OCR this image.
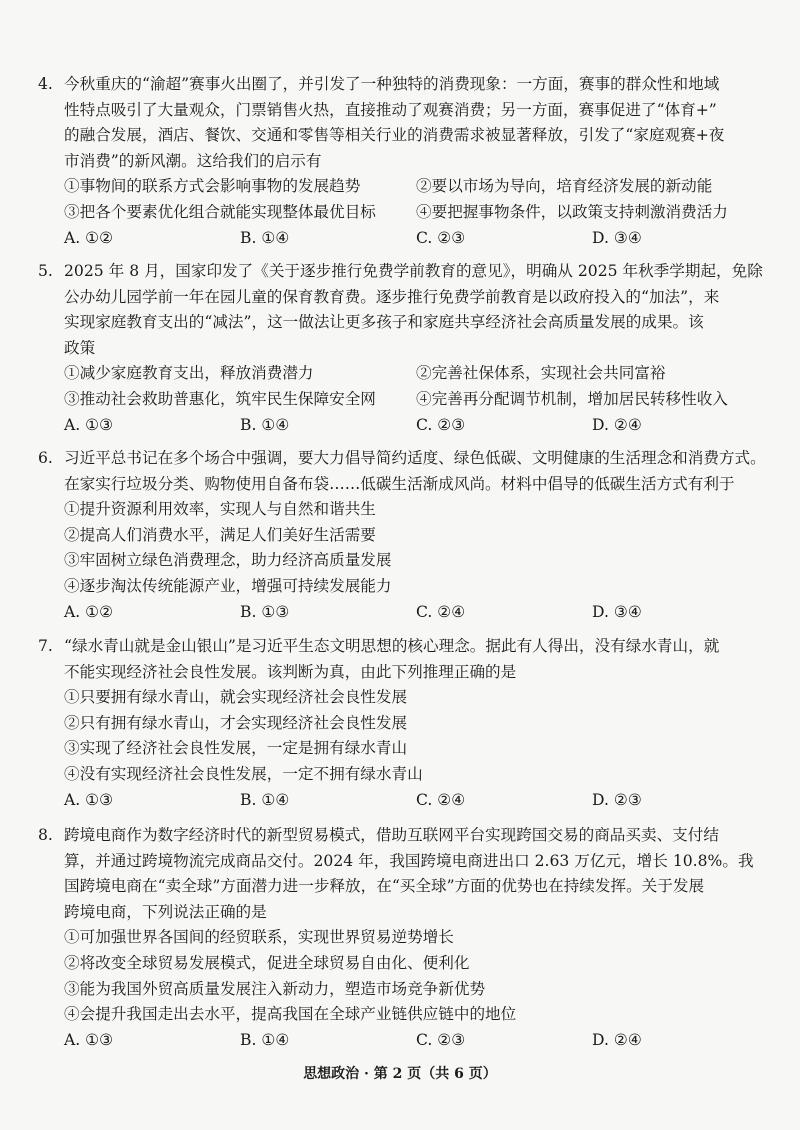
4. 今秋重庆的“渝超”赛事火出圈了，并引发了一种独特的消费现象：一方面，赛事的群众性和地域
性特点吸引了大量观众，门票销售火热，直接推动了观赛消费；另一方面，赛事促进了“体育+”
的融合发展，酒店、餐饮、交通和零售等相关行业的消费需求被显著释放，引发了“家庭观赛+夜
市消费”的新风潮。这给我们的启示有
①事物间的联系方式会影响事物的发展趋势	②要以市场为导向，培育经济发展的新动能
③把各个要素优化组合就能实现整体最优目标	④要把握事物条件，以政策支持刺激消费活力
A. ①②	B. ①④	C. ②③	D. ③④
5. 2025 年 8 月，国家印发了《关于逐步推行免费学前教育的意见》，明确从 2025 年秋季学期起，免除
公办幼儿园学前一年在园儿童的保育教育费。逐步推行免费学前教育是以政府投入的“加法”，来
实现家庭教育支出的“减法”，这一做法让更多孩子和家庭共享经济社会高质量发展的成果。该
政策
①减少家庭教育支出，释放消费潜力	②完善社保体系，实现社会共同富裕
③推动社会救助普惠化，筑牢民生保障安全网	④完善再分配调节机制，增加居民转移性收入
A. ①③	B. ①④	C. ②③	D. ②④
6. 习近平总书记在多个场合中强调，要大力倡导简约适度、绿色低碳、文明健康的生活理念和消费方式。
在家实行垃圾分类、购物使用自备布袋……低碳生活渐成风尚。材料中倡导的低碳生活方式有利于
①提升资源利用效率，实现人与自然和谐共生
②提高人们消费水平，满足人们美好生活需要
③牢固树立绿色消费理念，助力经济高质量发展
④逐步淘汰传统能源产业，增强可持续发展能力
A. ①②	B. ①③	C. ②④	D. ③④
7. “绿水青山就是金山银山”是习近平生态文明思想的核心理念。据此有人得出，没有绿水青山，就
不能实现经济社会良性发展。该判断为真，由此下列推理正确的是
①只要拥有绿水青山，就会实现经济社会良性发展
②只有拥有绿水青山，才会实现经济社会良性发展
③实现了经济社会良性发展，一定是拥有绿水青山
④没有实现经济社会良性发展，一定不拥有绿水青山
A. ①③	B. ①④	C. ②④	D. ②③
8. 跨境电商作为数字经济时代的新型贸易模式，借助互联网平台实现跨国交易的商品买卖、支付结
算，并通过跨境物流完成商品交付。2024 年，我国跨境电商进出口 2.63 万亿元，增长 10.8%。我
国跨境电商在“卖全球”方面潜力进一步释放，在“买全球”方面的优势也在持续发挥。关于发展
跨境电商，下列说法正确的是
①可加强世界各国间的经贸联系，实现世界贸易逆势增长
②将改变全球贸易发展模式，促进全球贸易自由化、便利化
③能为我国外贸高质量发展注入新动力，塑造市场竞争新优势
④会提升我国走出去水平，提高我国在全球产业链供应链中的地位
A. ①③	B. ①④	C. ②③	D. ②④
思想政治 · 第 2 页（共 6 页）
